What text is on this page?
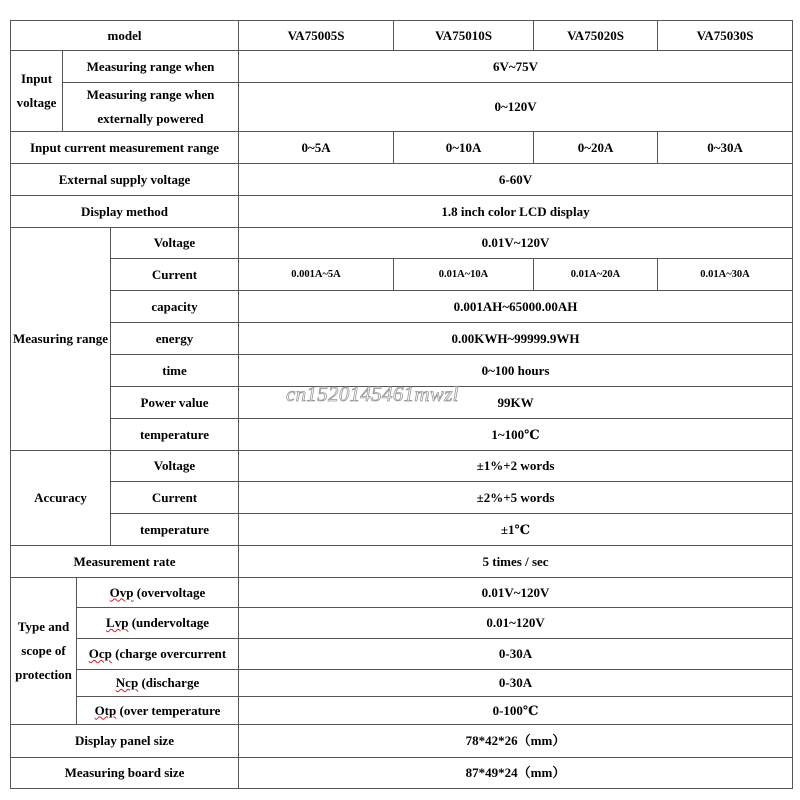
model				VA75005S	VA75010S	VA75020S	VA75030S
Input voltage	Measuring range when			6V~75V			
	Measuring range when externally powered			0~120V			
Input current measurement range				0~5A	0~10A	0~20A	0~30A
External supply voltage				6-60V			
Display method				1.8 inch color LCD display			
Measuring range			Voltage	0.01V~120V			
			Current	0.001A~5A	0.01A~10A	0.01A~20A	0.01A~30A
			capacity	0.001AH~65000.00AH			
			energy	0.00KWH~99999.9WH			
			time	0~100 hours			
			Power value	99KW			
			temperature	1~100℃			
Accuracy			Voltage	±1%+2 words			
			Current	±2%+5 words			
			temperature	±1℃			
Measurement rate				5 times / sec			
Type and scope of protection		Ovp (overvoltage		0.01V~120V			
		Lvp (undervoltage		0.01~120V			
		Ocp (charge overcurrent		0-30A			
		Ncp (discharge		0-30A			
		Otp (over temperature		0-100℃			
Display panel size				78*42*26（mm）			
Measuring board size				87*49*24（mm）			
cn1520145461mwzl
